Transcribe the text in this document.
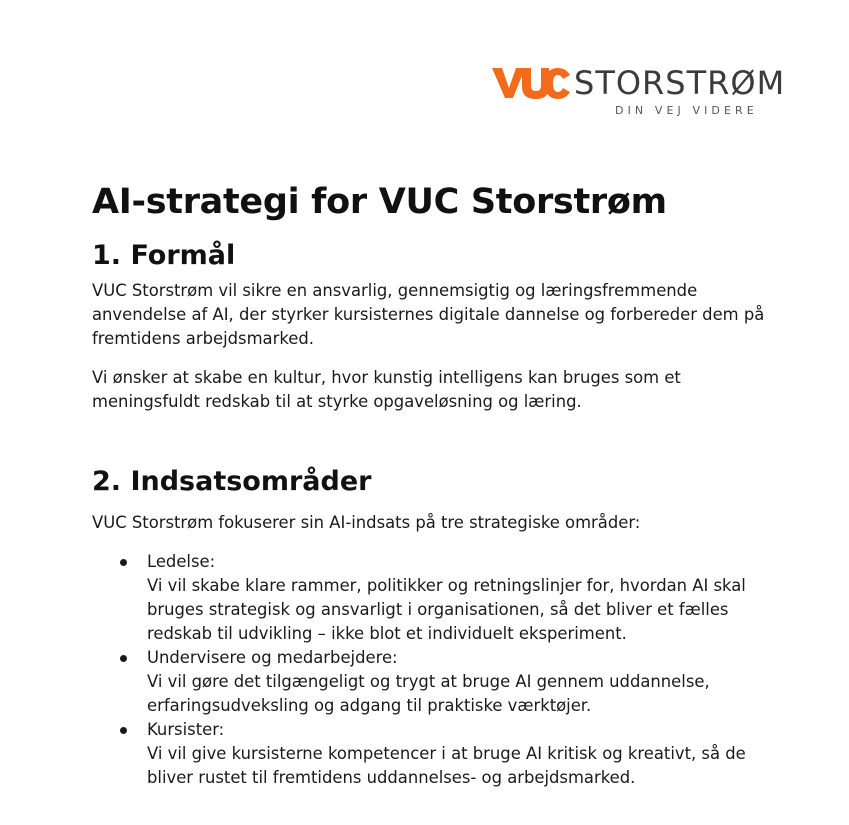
STORSTRØM
DIN VEJ VIDERE
AI-strategi for VUC Storstrøm
1. Formål

VUC Storstrøm vil sikre en ansvarlig, gennemsigtig og læringsfremmende anvendelse af AI, der styrker kursisternes digitale dannelse og forbereder dem på fremtidens arbejdsmarked.

Vi ønsker at skabe en kultur, hvor kunstig intelligens kan bruges som et meningsfuldt redskab til at styrke opgaveløsning og læring.

2. Indsatsområder

VUC Storstrøm fokuserer sin AI-indsats på tre strategiske områder:

Ledelse:
Vi vil skabe klare rammer, politikker og retningslinjer for, hvordan AI skal bruges strategisk og ansvarligt i organisationen, så det bliver et fælles redskab til udvikling – ikke blot et individuelt eksperiment.
Undervisere og medarbejdere:
Vi vil gøre det tilgængeligt og trygt at bruge AI gennem uddannelse, erfaringsudveksling og adgang til praktiske værktøjer.
Kursister:
Vi vil give kursisterne kompetencer i at bruge AI kritisk og kreativt, så de bliver rustet til fremtidens uddannelses- og arbejdsmarked.
